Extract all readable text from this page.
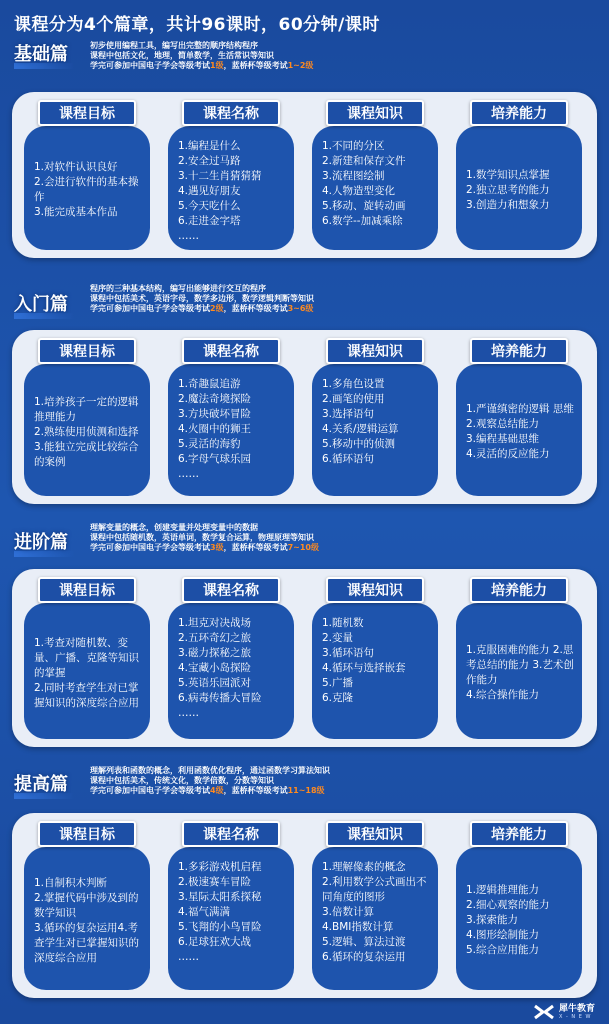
课程分为4个篇章，共计96课时，60分钟/课时
基础篇	初步使用编程工具，编写出完整的顺序结构程序
课程中包括文化，地理，简单数学，生活常识等知识
学完可参加中国电子学会等级考试1级，蓝桥杯等级考试1~2级

1.对软件认识良好

2.会进行软件的基本操作

3.能完成基本作品

课程目标

1.编程是什么

2.安全过马路

3.十二生肖猜猜猜

4.遇见好朋友

5.今天吃什么

6.走进金字塔

……

课程名称

1.不同的分区

2.新建和保存文件

3.流程图绘制

4.人物造型变化

5.移动、旋转动画

6.数学--加减乘除

课程知识

1.数学知识点掌握

2.独立思考的能力

3.创造力和想象力

培养能力
入门篇
程序的三种基本结构，编写出能够进行交互的程序
课程中包括美术，英语字母，数学多边形，数学逻辑判断等知识
学完可参加中国电子学会等级考试2级，蓝桥杯等级考试3~6级

1.培养孩子一定的逻辑推理能力

2.熟练使用侦测和选择

3.能独立完成比较综合的案例

课程目标

1.奇趣鼠追游

2.魔法奇境探险

3.方块破坏冒险

4.火圈中的狮王

5.灵活的海豹

6.字母气球乐园

……

课程名称

1.多角色设置

2.画笔的使用

3.选择语句

4.关系/逻辑运算

5.移动中的侦测

6.循环语句

课程知识

1.严谨缜密的逻辑 思维

2.观察总结能力

3.编程基础思维

4.灵活的反应能力

培养能力
进阶篇
理解变量的概念，创建变量并处理变量中的数据
课程中包括随机数，英语单词，数学复合运算，物理原理等知识
学完可参加中国电子学会等级考试3级，蓝桥杯等级考试7~10级

1.考查对随机数、变量、广播、克隆等知识的掌握

2.同时考查学生对已掌握知识的深度综合应用

课程目标

1.坦克对决战场

2.五环奇幻之旅

3.磁力探秘之旅

4.宝藏小岛探险

5.英语乐园派对

6.病毒传播大冒险

……

课程名称

1.随机数

2.变量

3.循环语句

4.循环与选择嵌套

5.广播

6.克隆

课程知识

1.克服困难的能力 2.思考总结的能力 3.艺术创作能力

4.综合操作能力

培养能力
提高篇
理解列表和函数的概念，利用函数优化程序，通过函数学习算法知识
课程中包括美术，传统文化，数学倍数，分数等知识
学完可参加中国电子学会等级考试4级，蓝桥杯等级考试11~18级

1.自制积木判断

2.掌握代码中涉及到的数学知识

3.循环的复杂运用4.考查学生对已掌握知识的深度综合应用

课程目标

1.多彩游戏机启程

2.极速赛车冒险

3.星际太阳系探秘

4.福气满满

5.飞翔的小鸟冒险

6.足球狂欢大战

……

课程名称

1.理解像素的概念

2.利用数学公式画出不同角度的图形

3.倍数计算

4.BMI指数计算

5.逻辑、算法过渡

6.循环的复杂运用

课程知识

1.逻辑推理能力

2.细心观察的能力

3.探索能力

4.图形绘制能力

5.综合应用能力

培养能力
犀牛教育
X - N E W
